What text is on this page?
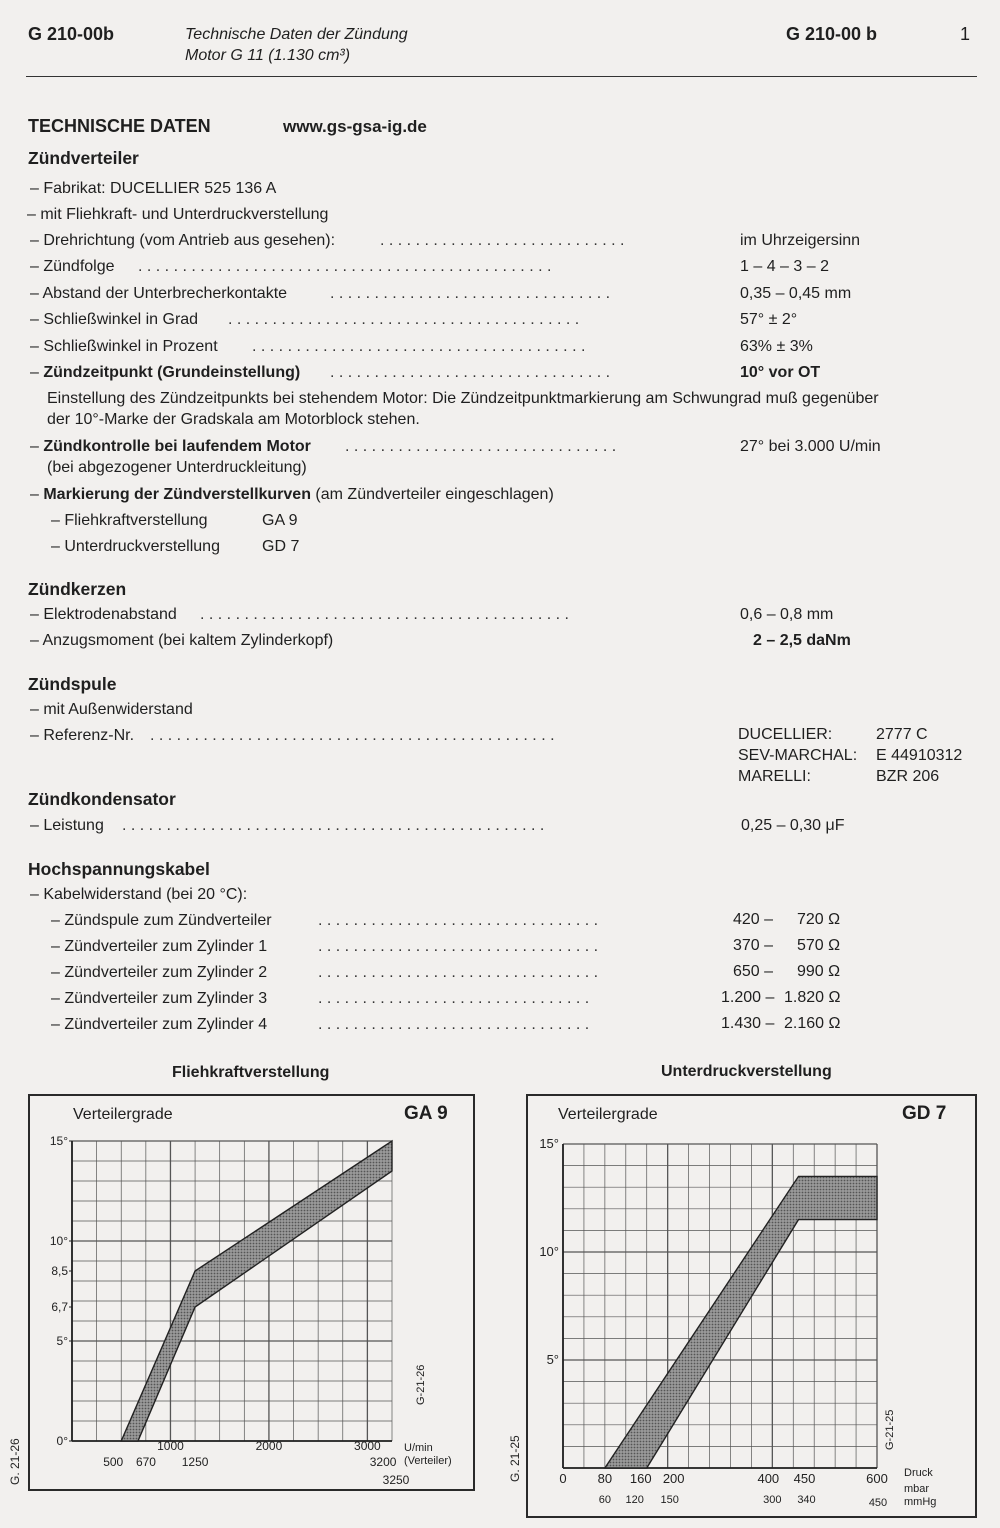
G 210-00b	Technische Daten der Zündung
Motor G 11 (1.130 cm³)
G 210-00 b	1
TECHNISCHE DATEN	www.gs-gsa-ig.de
Zündverteiler
– Fabrikat: DUCELLIER 525 136 A
– mit Fliehkraft- und Unterdruckverstellung
– Drehrichtung (vom Antrieb aus gesehen):	. . . . . . . . . . . . . . . . . . . . . . . . . . . .	im Uhrzeigersinn
– Zündfolge . . . . . . . . . . . . . . . . . . . . . . . . . . . . . . . . . . . . . . . . . . . . . . .	1 – 4 – 3 – 2
– Abstand der Unterbrecherkontakte	. . . . . . . . . . . . . . . . . . . . . . . . . . . . . . . .	0,35 – 0,45 mm
– Schließwinkel in Grad . . . . . . . . . . . . . . . . . . . . . . . . . . . . . . . . . . . . . . . .	57° ± 2°
– Schließwinkel in Prozent . . . . . . . . . . . . . . . . . . . . . . . . . . . . . . . . . . . . . .	63% ± 3%
– Zündzeitpunkt (Grundeinstellung) . . . . . . . . . . . . . . . . . . . . . . . . . . . . . . . .	10° vor OT
Einstellung des Zündzeitpunkts bei stehendem Motor: Die Zündzeitpunktmarkierung am Schwungrad muß gegenüber
der 10°-Marke der Gradskala am Motorblock stehen.
– Zündkontrolle bei laufendem Motor . . . . . . . . . . . . . . . . . . . . . . . . . . . . . . .	27° bei 3.000 U/min
(bei abgezogener Unterdruckleitung)
– Markierung der Zündverstellkurven (am Zündverteiler eingeschlagen)
– Fliehkraftverstellung	GA 9
– Unterdruckverstellung	GD 7
Zündkerzen
– Elektrodenabstand . . . . . . . . . . . . . . . . . . . . . . . . . . . . . . . . . . . . . . . . . .	0,6 – 0,8 mm
– Anzugsmoment (bei kaltem Zylinderkopf)	2 – 2,5 daNm
Zündspule
– mit Außenwiderstand
– Referenz-Nr. . . . . . . . . . . . . . . . . . . . . . . . . . . . . . . . . . . . . . . . . . . . . . .	DUCELLIER:	2777 C
SEV-MARCHAL: E 44910312
MARELLI:	BZR 206
Zündkondensator
– Leistung . . . . . . . . . . . . . . . . . . . . . . . . . . . . . . . . . . . . . . . . . . . . . . . .	0,25 – 0,30 μF
Hochspannungskabel
– Kabelwiderstand (bei 20 °C):
– Zündspule zum Zündverteiler	. . . . . . . . . . . . . . . . . . . . . . . . . . . . . . . .	420 – 720 Ω
– Zündverteiler zum Zylinder 1	. . . . . . . . . . . . . . . . . . . . . . . . . . . . . . . .	370 – 570 Ω
– Zündverteiler zum Zylinder 2	. . . . . . . . . . . . . . . . . . . . . . . . . . . . . . . .	650 – 990 Ω
– Zündverteiler zum Zylinder 3	. . . . . . . . . . . . . . . . . . . . . . . . . . . . . . .	1.200 – 1.820 Ω
– Zündverteiler zum Zylinder 4	. . . . . . . . . . . . . . . . . . . . . . . . . . . . . . .	1.430 – 2.160 Ω
Fliehkraftverstellung	Unterdruckverstellung
Verteilergrade	GA 9
0°
5°
6,7
8,5
10°
15°
1000	2000	3000
500 670 1250	3200
3250
U/min
(Verteiler)
G-21-26
G. 21-26
Verteilergrade	GD 7
5°
10°
15°
0 80 160 200	400 450	600
60 120 150	300 340	450
Druck
mbar
mmHg
G-21-25
G. 21-25
